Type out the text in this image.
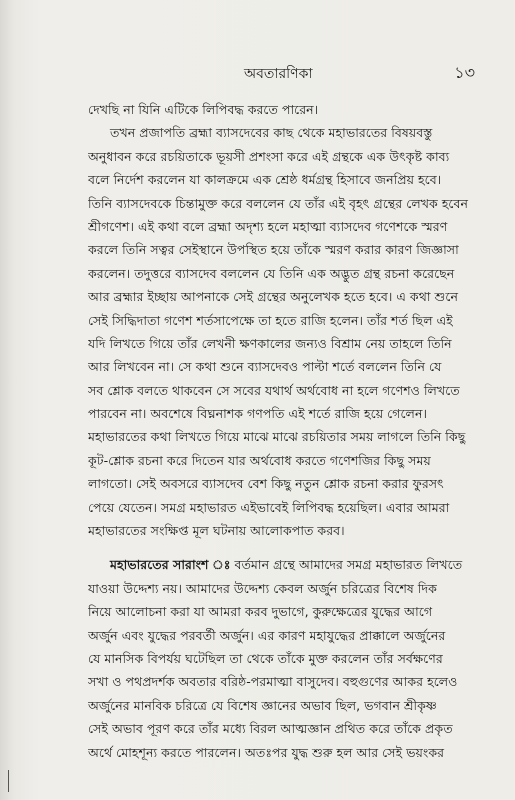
অবতারণিকা	১৩
দেখছি না যিনি এটিকে লিপিবদ্ধ করতে পারেন।
তখন প্রজাপতি ব্রহ্মা ব্যাসদেবের কাছ থেকে মহাভারতের বিষয়বস্তু
অনুধাবন করে রচয়িতাকে ভূয়সী প্রশংসা করে এই গ্রন্থকে এক উৎকৃষ্ট কাব্য
বলে নির্দেশ করলেন যা কালক্রমে এক শ্রেষ্ঠ ধর্মগ্রন্থ হিসাবে জনপ্রিয় হবে।
তিনি ব্যাসদেবকে চিন্তামুক্ত করে বললেন যে তাঁর এই বৃহৎ গ্রন্থের লেখক হবেন
শ্রীগণেশ। এই কথা বলে ব্রহ্মা অদৃশ্য হলে মহাত্মা ব্যাসদেব গণেশকে স্মরণ
করলে তিনি সত্বর সেইস্থানে উপস্থিত হয়ে তাঁকে স্মরণ করার কারণ জিজ্ঞাসা
করলেন। তদুত্তরে ব্যাসদেব বললেন যে তিনি এক অদ্ভুত গ্রন্থ রচনা করেছেন
আর ব্রহ্মার ইচ্ছায় আপনাকে সেই গ্রন্থের অনুলেখক হতে হবে। এ কথা শুনে
সেই সিদ্ধিদাতা গণেশ শর্তসাপেক্ষে তা হতে রাজি হলেন। তাঁর শর্ত ছিল এই
যদি লিখতে গিয়ে তাঁর লেখনী ক্ষণকালের জন্যও বিশ্রাম নেয় তাহলে তিনি
আর লিখবেন না। সে কথা শুনে ব্যাসদেবও পাল্টা শর্তে বললেন তিনি যে
সব শ্লোক বলতে থাকবেন সে সবের যথার্থ অর্থবোধ না হলে গণেশও লিখতে
পারবেন না। অবশেষে বিঘ্ননাশক গণপতি এই শর্তে রাজি হয়ে গেলেন।
মহাভারতের কথা লিখতে গিয়ে মাঝে মাঝে রচয়িতার সময় লাগলে তিনি কিছু
কূট-শ্লোক রচনা করে দিতেন যার অর্থবোধ করতে গণেশজির কিছু সময়
লাগতো। সেই অবসরে ব্যাসদেব বেশ কিছু নতুন শ্লোক রচনা করার ফুরসৎ
পেয়ে যেতেন। সমগ্র মহাভারত এইভাবেই লিপিবদ্ধ হয়েছিল। এবার আমরা
মহাভারতের সংক্ষিপ্ত মূল ঘটনায় আলোকপাত করব।
মহাভারতের সারাংশ ঃ বর্তমান গ্রন্থে আমাদের সমগ্র মহাভারত লিখতে
যাওয়া উদ্দেশ্য নয়। আমাদের উদ্দেশ্য কেবল অর্জুন চরিত্রের বিশেষ দিক
নিয়ে আলোচনা করা যা আমরা করব দুভাগে, কুরুক্ষেত্রের যুদ্ধের আগে
অর্জুন এবং যুদ্ধের পরবর্তী অর্জুন। এর কারণ মহাযুদ্ধের প্রাক্কালে অর্জুনের
যে মানসিক বিপর্যয় ঘটেছিল তা থেকে তাঁকে মুক্ত করলেন তাঁর সর্বক্ষণের
সখা ও পথপ্রদর্শক অবতার বরিষ্ঠ-পরমাত্মা বাসুদেব। বহুগুণের আকর হলেও
অর্জুনের মানবিক চরিত্রে যে বিশেষ জ্ঞানের অভাব ছিল, ভগবান শ্রীকৃষ্ণ
সেই অভাব পূরণ করে তাঁর মধ্যে বিরল আত্মজ্ঞান প্রথিত করে তাঁকে প্রকৃত
অর্থে মোহশূন্য করতে পারলেন। অতঃপর যুদ্ধ শুরু হল আর সেই ভয়ংকর
